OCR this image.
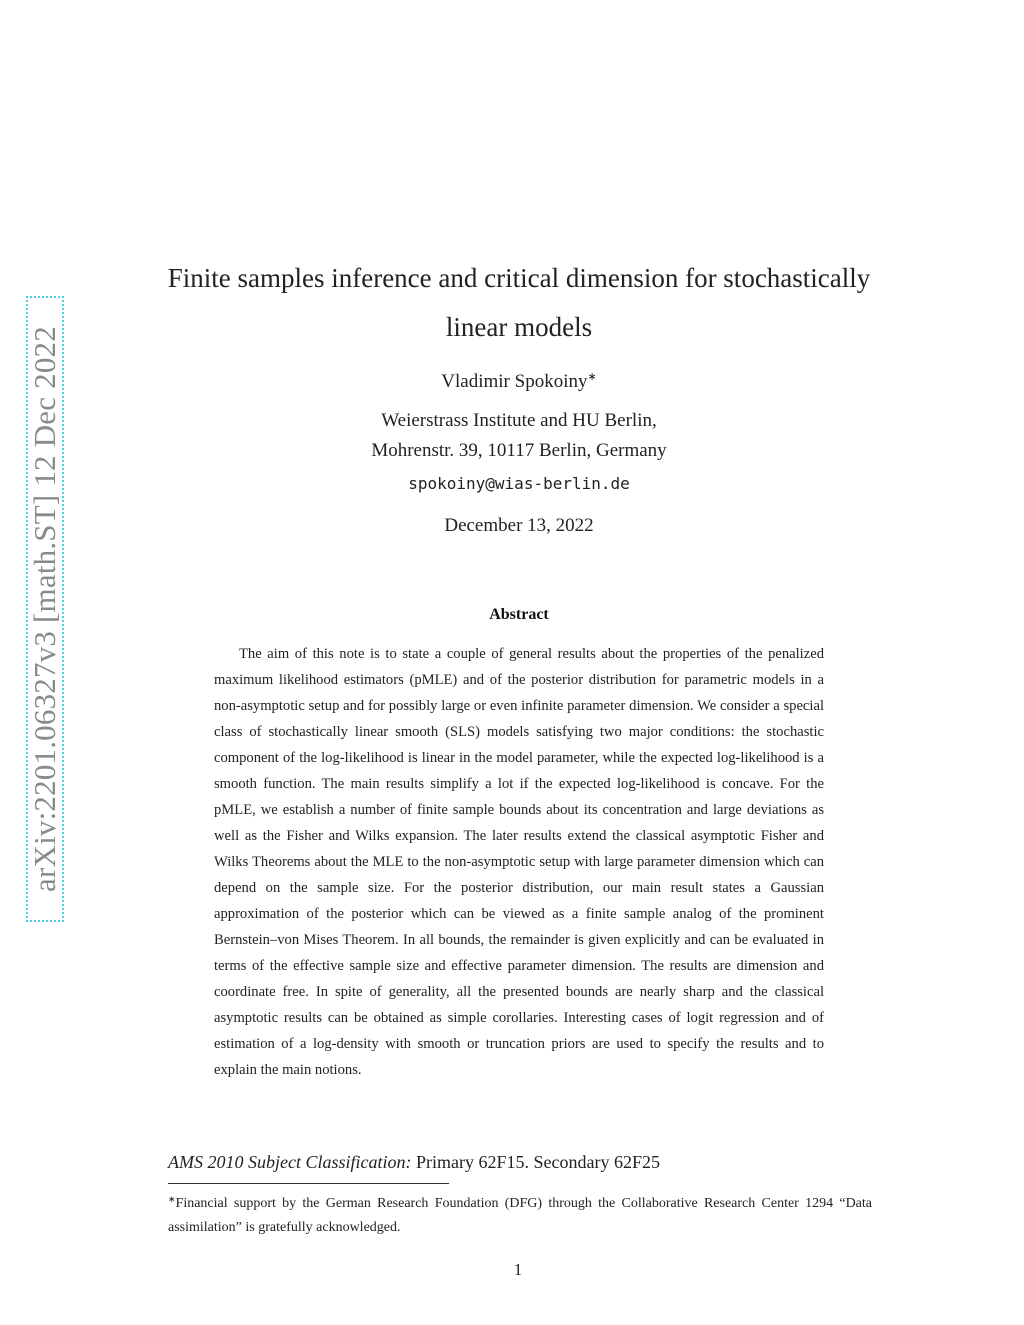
arXiv:2201.06327v3 [math.ST] 12 Dec 2022
Finite samples inference and critical dimension for stochastically linear models
Vladimir Spokoiny∗
Weierstrass Institute and HU Berlin,
Mohrenstr. 39, 10117 Berlin, Germany
spokoiny@wias-berlin.de
December 13, 2022
Abstract
The aim of this note is to state a couple of general results about the properties of the penalized maximum likelihood estimators (pMLE) and of the posterior distribution for parametric models in a non-asymptotic setup and for possibly large or even infinite parameter dimension. We consider a special class of stochastically linear smooth (SLS) models satisfying two major conditions: the stochastic component of the log-likelihood is linear in the model parameter, while the expected log-likelihood is a smooth function. The main results simplify a lot if the expected log-likelihood is concave. For the pMLE, we establish a number of finite sample bounds about its concentration and large deviations as well as the Fisher and Wilks expansion. The later results extend the classical asymptotic Fisher and Wilks Theorems about the MLE to the non-asymptotic setup with large parameter dimension which can depend on the sample size. For the posterior distribution, our main result states a Gaussian approximation of the posterior which can be viewed as a finite sample analog of the prominent Bernstein–von Mises Theorem. In all bounds, the remainder is given explicitly and can be evaluated in terms of the effective sample size and effective parameter dimension. The results are dimension and coordinate free. In spite of generality, all the presented bounds are nearly sharp and the classical asymptotic results can be obtained as simple corollaries. Interesting cases of logit regression and of estimation of a log-density with smooth or truncation priors are used to specify the results and to explain the main notions.
AMS 2010 Subject Classification: Primary 62F15. Secondary 62F25
∗Financial support by the German Research Foundation (DFG) through the Collaborative Research Center 1294 “Data assimilation” is gratefully acknowledged.
1
